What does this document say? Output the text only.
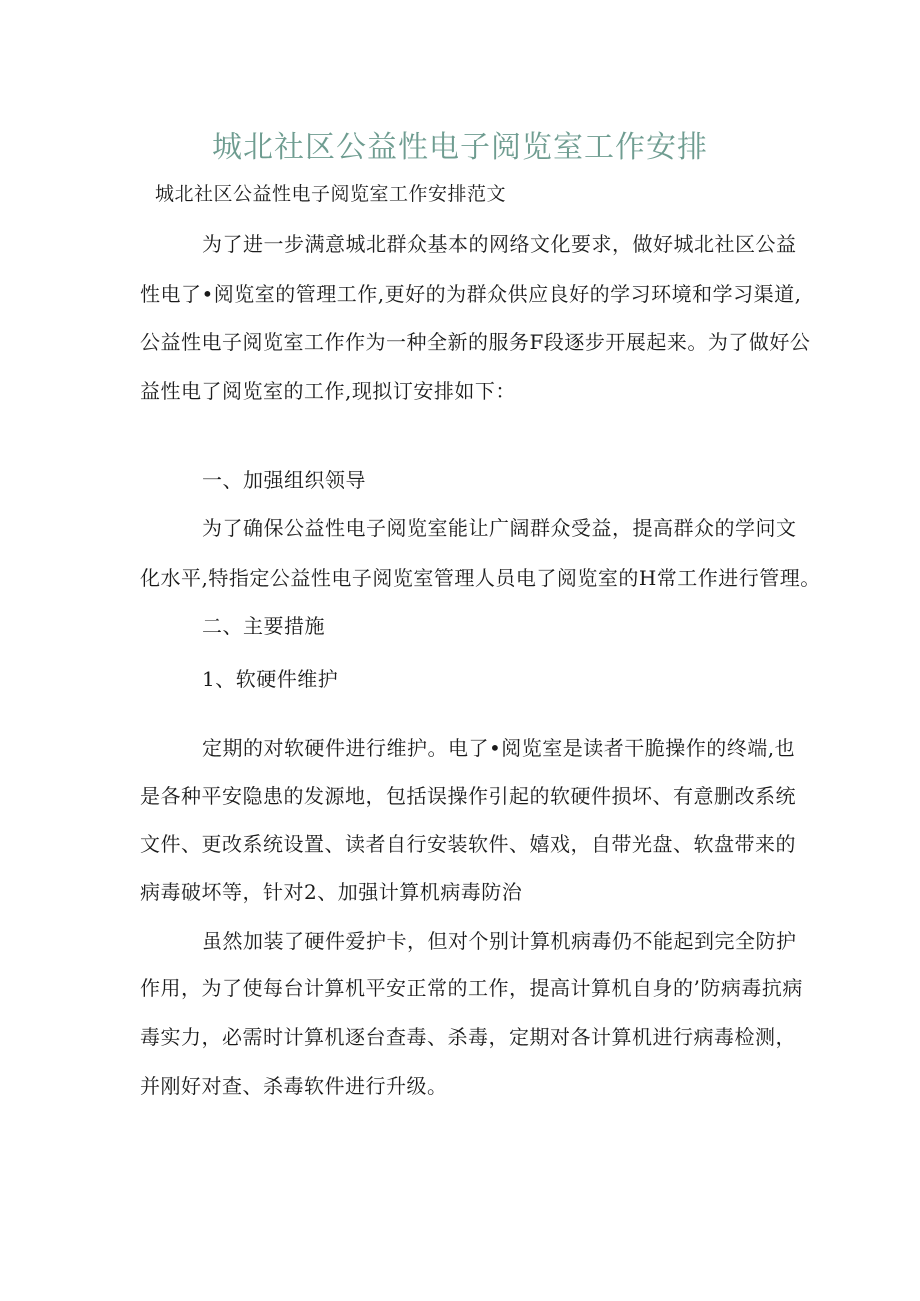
城北社区公益性电子阅览室工作安排
城北社区公益性电子阅览室工作安排范文
为了进一步满意城北群众基本的网络文化要求，做好城北社区公益
性电了•阅览室的管理工作,更好的为群众供应良好的学习环境和学习渠道,
公益性电子阅览室工作作为一种全新的服务F段逐步开展起来。为了做好公
益性电了阅览室的工作,现拟订安排如下：
一、加强组织领导
为了确保公益性电子阅览室能让广阔群众受益，提高群众的学问文
化水平,特指定公益性电子阅览室管理人员电了阅览室的H常工作进行管理。
二、主要措施
1、软硬件维护
定期的对软硬件进行维护。电了•阅览室是读者干脆操作的终端,也
是各种平安隐患的发源地，包括误操作引起的软硬件损坏、有意删改系统
文件、更改系统设置、读者自行安装软件、嬉戏，自带光盘、软盘带来的
病毒破坏等，针对2、加强计算机病毒防治
虽然加装了硬件爱护卡，但对个别计算机病毒仍不能起到完全防护
作用，为了使每台计算机平安正常的工作，提高计算机自身的’防病毒抗病
毒实力，必需时计算机逐台查毒、杀毒，定期对各计算机进行病毒检测，
并刚好对查、杀毒软件进行升级。
